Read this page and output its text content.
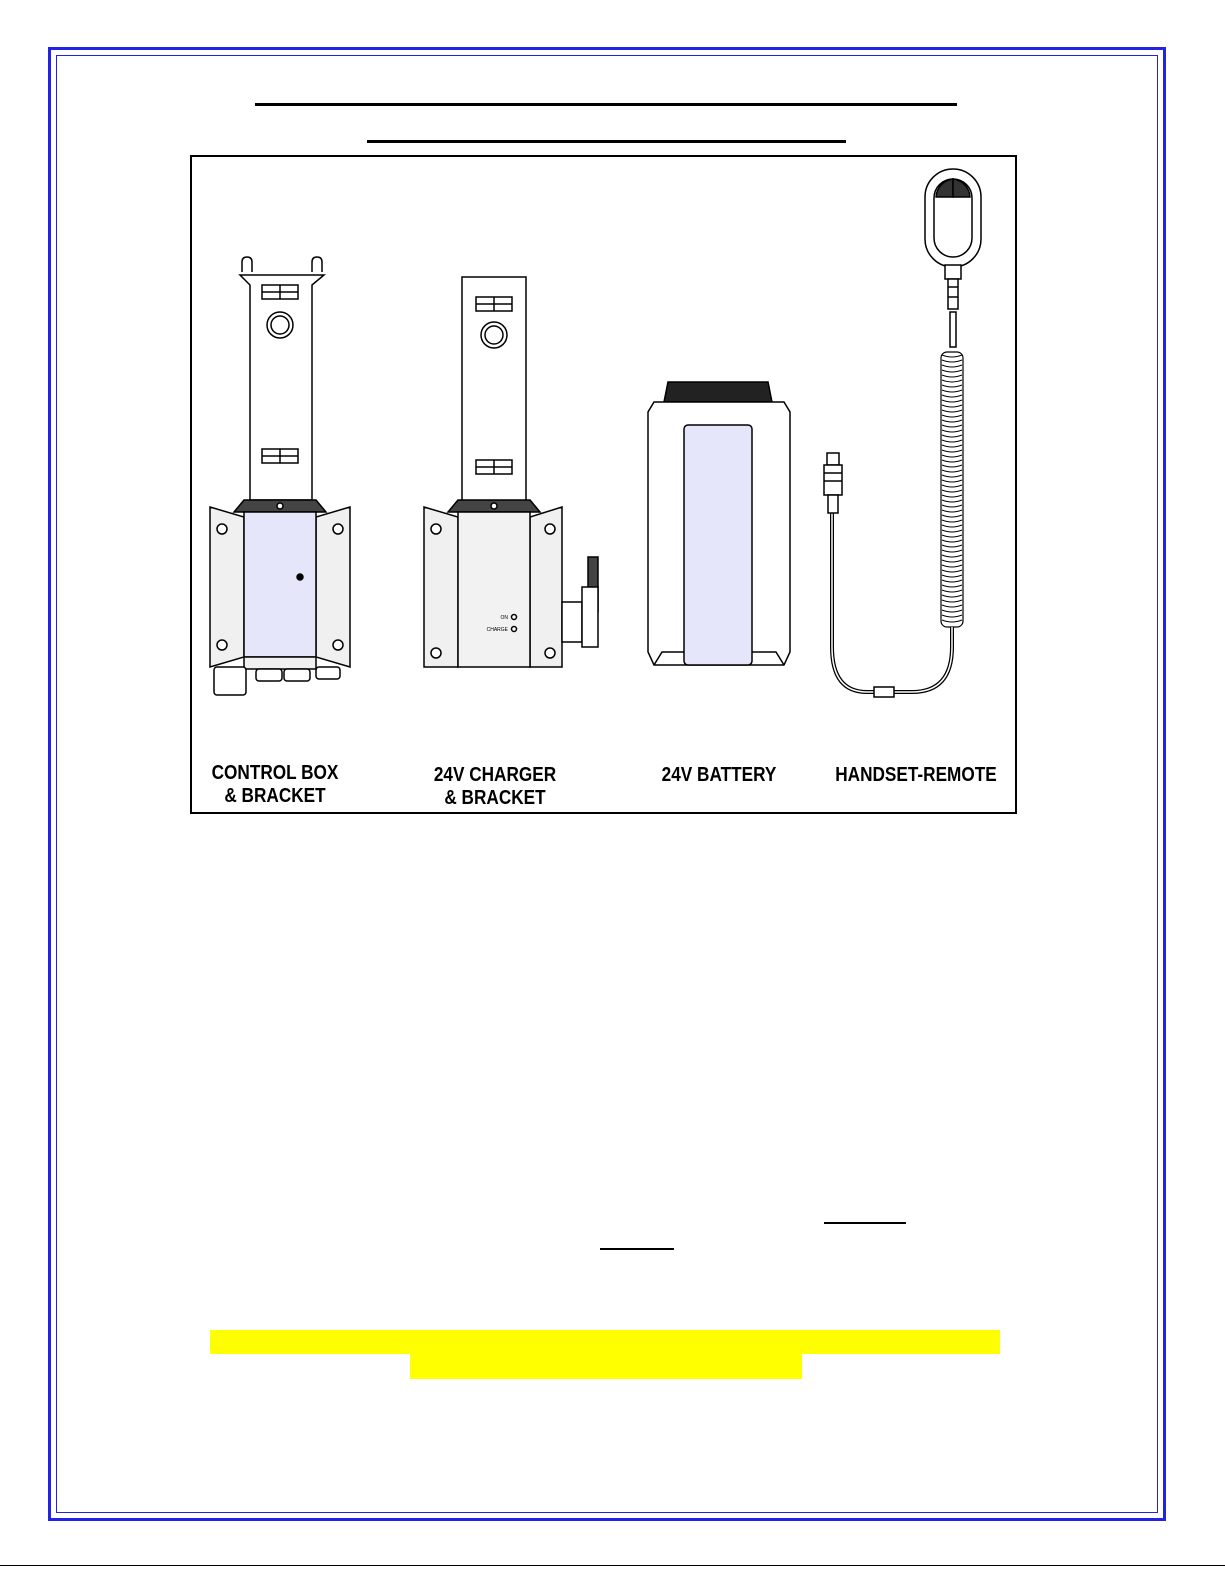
ON
CHARGE
CONTROL BOX
& BRACKET
24V CHARGER
& BRACKET
24V BATTERY	HANDSET-REMOTE
